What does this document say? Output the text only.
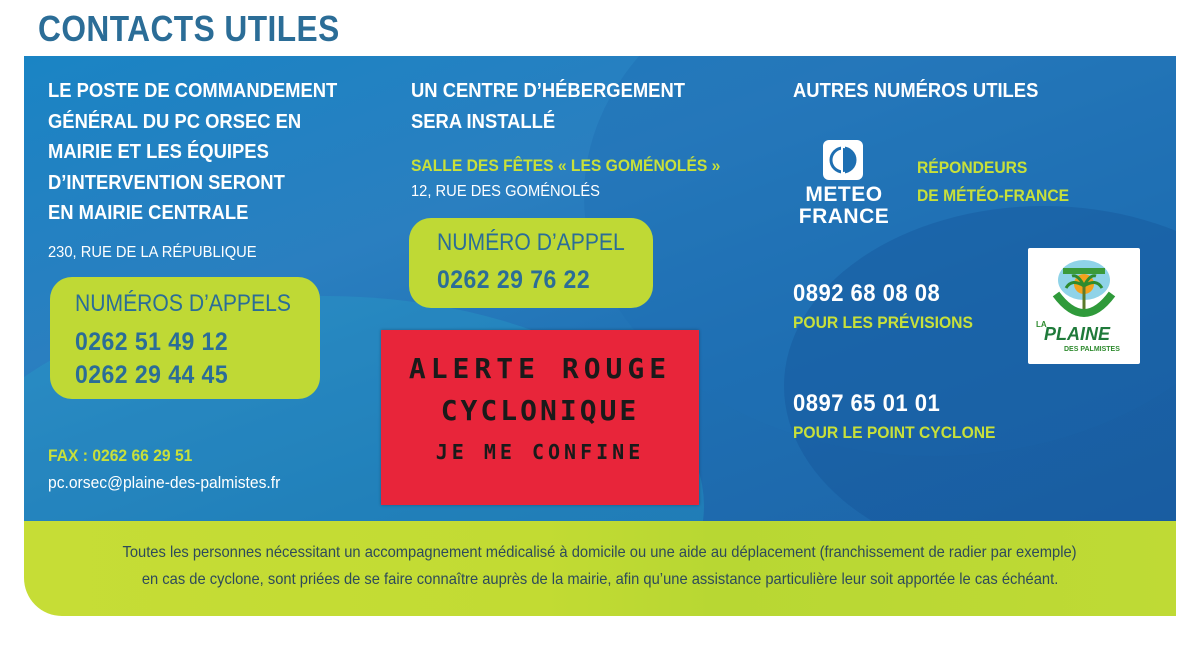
CONTACTS UTILES
LE POSTE DE COMMANDEMENT
GÉNÉRAL DU PC ORSEC EN
MAIRIE ET LES ÉQUIPES
D’INTERVENTION SERONT
EN MAIRIE CENTRALE
230, RUE DE LA RÉPUBLIQUE
NUMÉROS D’APPELS
0262 51 49 12
0262 29 44 45
FAX : 0262 66 29 51
pc.orsec@plaine-des-palmistes.fr
UN CENTRE D’HÉBERGEMENT
SERA INSTALLÉ
SALLE DES FÊTES « LES GOMÉNOLÉS »
12, RUE DES GOMÉNOLÉS
NUMÉRO D’APPEL
0262 29 76 22
ALERTE ROUGE
CYCLONIQUE
JE ME CONFINE
AUTRES NUMÉROS UTILES
METEO
FRANCE
RÉPONDEURS
DE MÉTÉO-FRANCE
0892 68 08 08
POUR LES PRÉVISIONS
0897 65 01 01
POUR LE POINT CYCLONE
LA
PLAINE
DES PALMISTES
Toutes les personnes nécessitant un accompagnement médicalisé à domicile ou une aide au déplacement (franchissement de radier par exemple)
en cas de cyclone, sont priées de se faire connaître auprès de la mairie, afin qu’une assistance particulière leur soit apportée le cas échéant.
